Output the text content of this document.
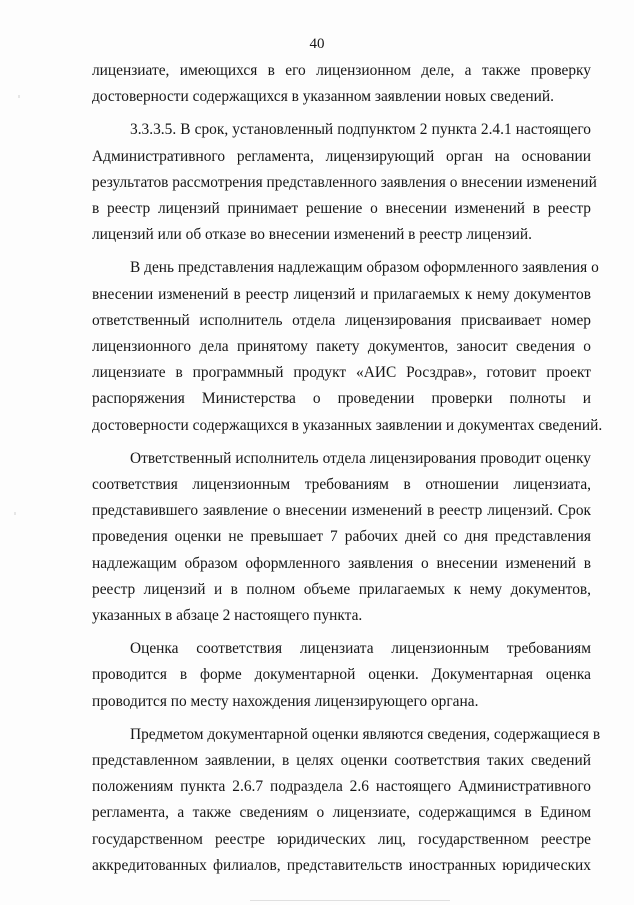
40

лицензиате, имеющихся в его лицензионном деле, а также проверку
достоверности содержащихся в указанном заявлении новых сведений.

3.3.3.5. В срок, установленный подпунктом 2 пункта 2.4.1 настоящего
Административного регламента, лицензирующий орган на основании
результатов рассмотрения представленного заявления о внесении изменений
в реестр лицензий принимает решение о внесении изменений в реестр
лицензий или об отказе во внесении изменений в реестр лицензий.

В день представления надлежащим образом оформленного заявления о
внесении изменений в реестр лицензий и прилагаемых к нему документов
ответственный исполнитель отдела лицензирования присваивает номер
лицензионного дела принятому пакету документов, заносит сведения о
лицензиате в программный продукт «АИС Росздрав», готовит проект
распоряжения Министерства о проведении проверки полноты и
достоверности содержащихся в указанных заявлении и документах сведений.

Ответственный исполнитель отдела лицензирования проводит оценку
соответствия лицензионным требованиям в отношении лицензиата,
представившего заявление о внесении изменений в реестр лицензий. Срок
проведения оценки не превышает 7 рабочих дней со дня представления
надлежащим образом оформленного заявления о внесении изменений в
реестр лицензий и в полном объеме прилагаемых к нему документов,
указанных в абзаце 2 настоящего пункта.

Оценка соответствия лицензиата лицензионным требованиям
проводится в форме документарной оценки. Документарная оценка
проводится по месту нахождения лицензирующего органа.

Предметом документарной оценки являются сведения, содержащиеся в
представленном заявлении, в целях оценки соответствия таких сведений
положениям пункта 2.6.7 подраздела 2.6 настоящего Административного
регламента, а также сведениям о лицензиате, содержащимся в Едином
государственном реестре юридических лиц, государственном реестре
аккредитованных филиалов, представительств иностранных юридических
